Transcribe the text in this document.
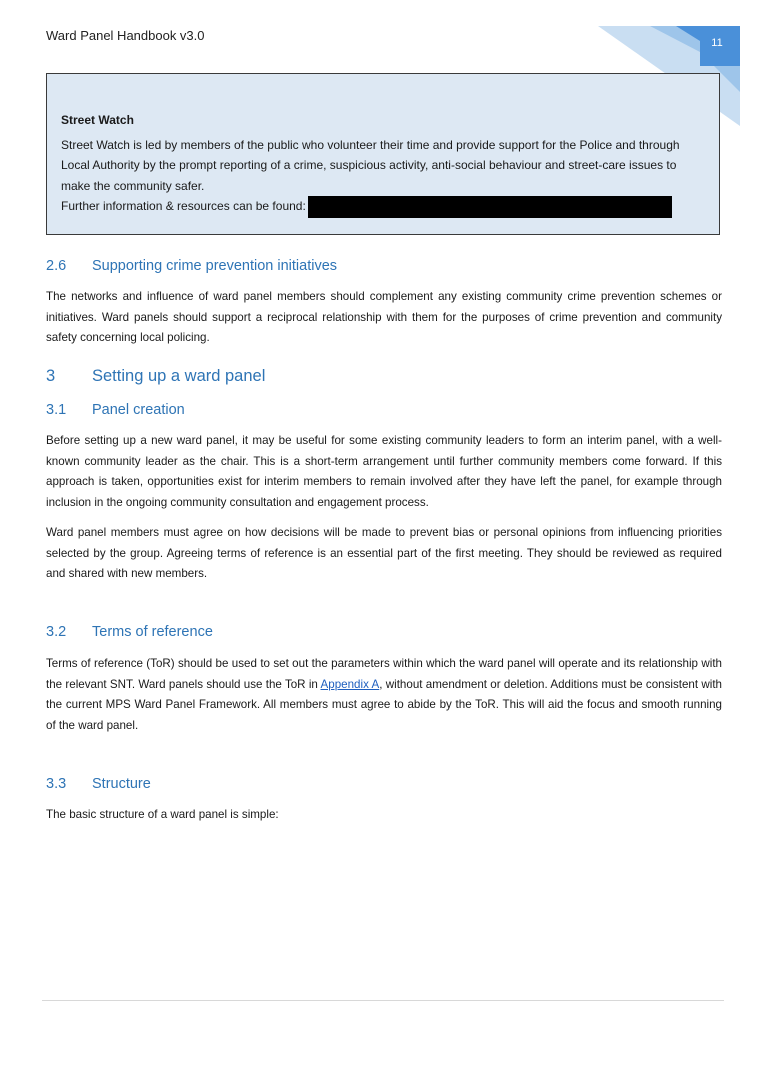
Ward Panel Handbook v3.0	11
Street Watch

Street Watch is led by members of the public who volunteer their time and provide support for the Police and through Local Authority by the prompt reporting of a crime, suspicious activity, anti-social behaviour and street-care issues to make the community safer.

Further information & resources can be found:

2.6 Supporting crime prevention initiatives

The networks and influence of ward panel members should complement any existing community crime prevention schemes or initiatives. Ward panels should support a reciprocal relationship with them for the purposes of crime prevention and community safety concerning local policing.

3 Setting up a ward panel
3.1 Panel creation

Before setting up a new ward panel, it may be useful for some existing community leaders to form an interim panel, with a well-known community leader as the chair. This is a short-term arrangement until further community members come forward. If this approach is taken, opportunities exist for interim members to remain involved after they have left the panel, for example through inclusion in the ongoing community consultation and engagement process.

Ward panel members must agree on how decisions will be made to prevent bias or personal opinions from influencing priorities selected by the group. Agreeing terms of reference is an essential part of the first meeting. They should be reviewed as required and shared with new members.

3.2 Terms of reference

Terms of reference (ToR) should be used to set out the parameters within which the ward panel will operate and its relationship with the relevant SNT. Ward panels should use the ToR in Appendix A, without amendment or deletion. Additions must be consistent with the current MPS Ward Panel Framework. All members must agree to abide by the ToR. This will aid the focus and smooth running of the ward panel.

3.3 Structure

The basic structure of a ward panel is simple:
